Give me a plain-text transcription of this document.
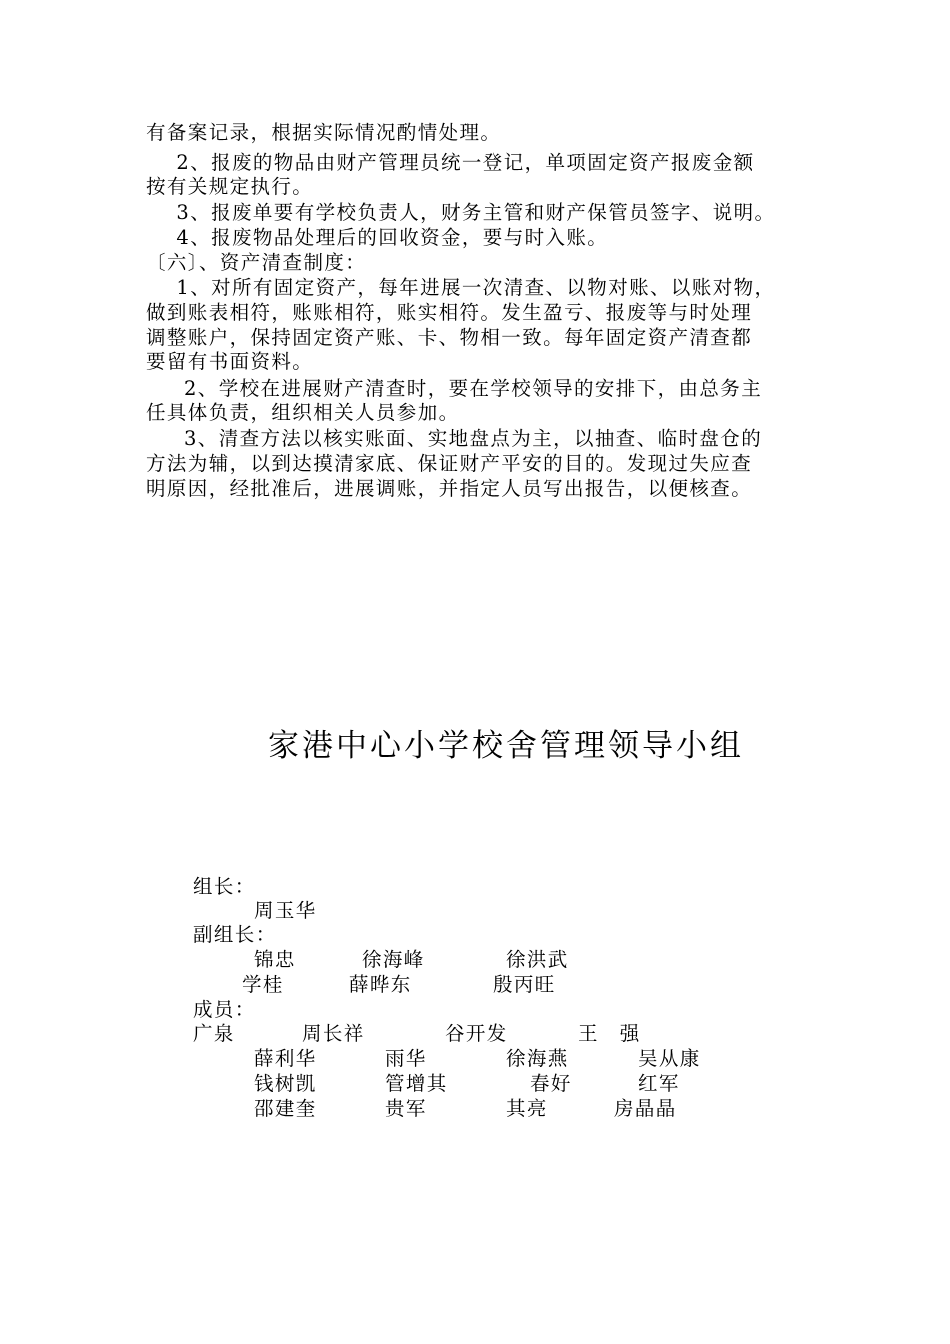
有备案记录，根据实际情况酌情处理。
2、报废的物品由财产管理员统一登记，单项固定资产报废金额
按有关规定执行。
3、报废单要有学校负责人，财务主管和财产保管员签字、说明。
4、报废物品处理后的回收资金，要与时入账。
〔六〕、资产清查制度：
1、对所有固定资产，每年进展一次清查、以物对账、以账对物，
做到账表相符，账账相符，账实相符。发生盈亏、报废等与时处理
调整账户，保持固定资产账、卡、物相一致。每年固定资产清查都
要留有书面资料。
2、学校在进展财产清查时，要在学校领导的安排下，由总务主
任具体负责，组织相关人员参加。
3、清查方法以核实账面、实地盘点为主，以抽查、临时盘仓的
方法为辅，以到达摸清家底、保证财产平安的目的。发现过失应查
明原因，经批准后，进展调账，并指定人员写出报告，以便核查。
家港中心小学校舍管理领导小组
组长：
周玉华
副组长：
锦忠	徐海峰	徐洪武
学桂	薛晔东	殷丙旺
成员：
广泉	周长祥	谷开发	王　强
薛利华	雨华	徐海燕	吴从康
钱树凯	管增其	春好	红军
邵建奎	贵军	其亮	房晶晶
